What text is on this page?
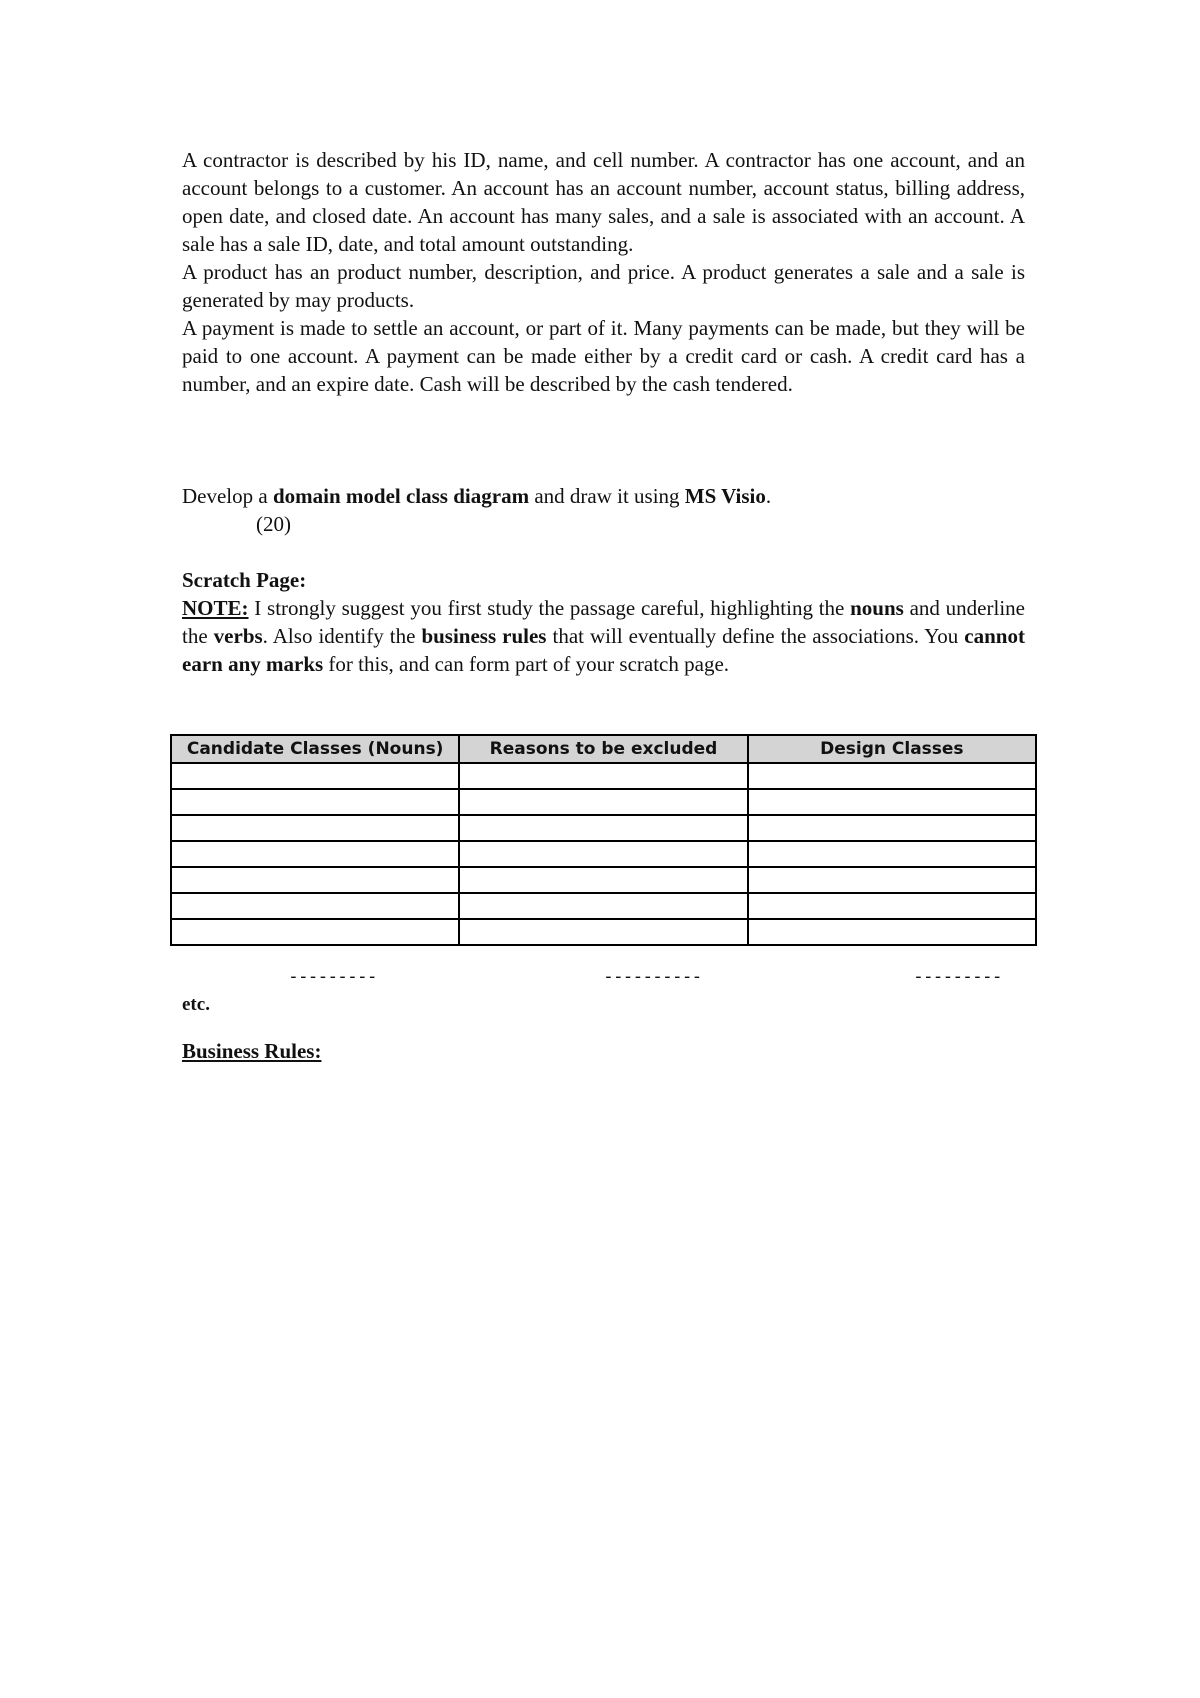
A contractor is described by his ID, name, and cell number. A contractor has one account, and an account belongs to a customer. An account has an account number, account status, billing address, open date, and closed date. An account has many sales, and a sale is associated with an account. A sale has a sale ID, date, and total amount outstanding.

A product has an product number, description, and price. A product generates a sale and a sale is generated by may products.

A payment is made to settle an account, or part of it. Many payments can be made, but they will be paid to one account. A payment can be made either by a credit card or cash. A credit card has a number, and an expire date. Cash will be described by the cash tendered.

Develop a domain model class diagram and draw it using MS Visio.

(20)

Scratch Page:

NOTE: I strongly suggest you first study the passage careful, highlighting the nouns and underline the verbs. Also identify the business rules that will eventually define the associations. You cannot earn any marks for this, and can form part of your scratch page.

Candidate Classes (Nouns)	Reasons to be excluded	Design Classes

---------	----------	---------
etc.
Business Rules:
